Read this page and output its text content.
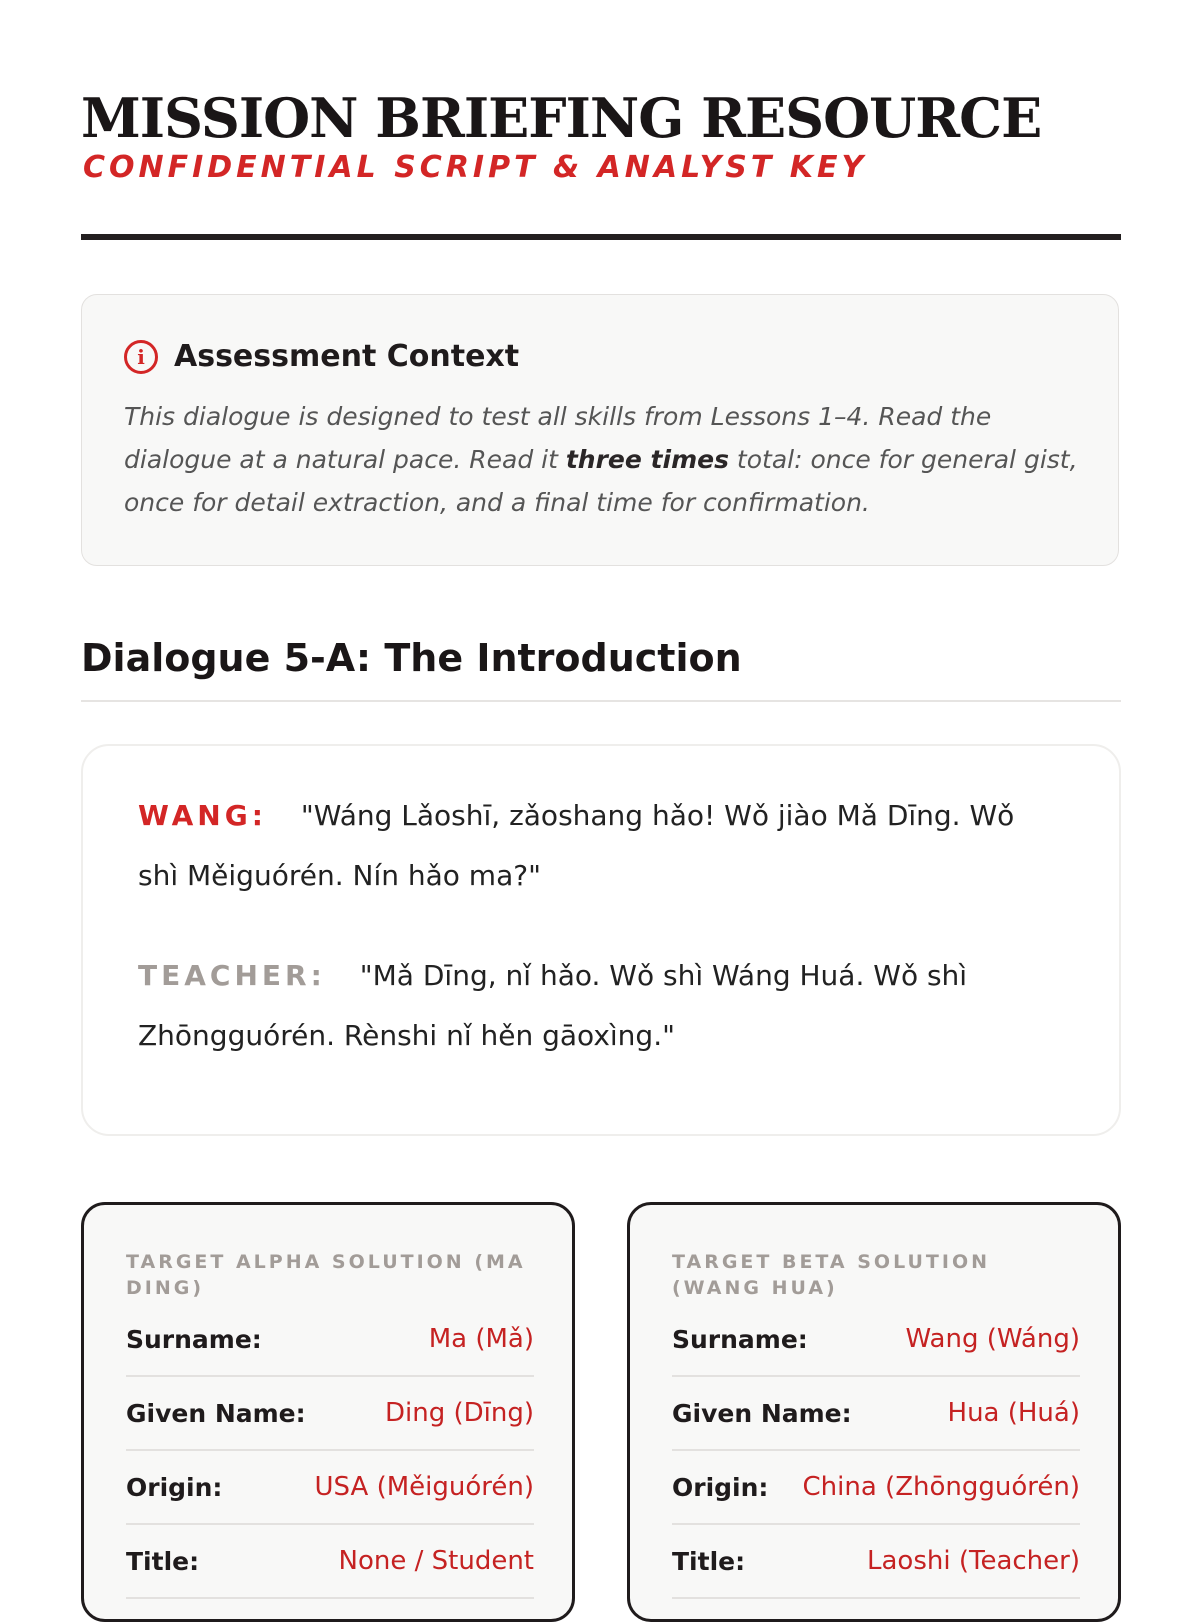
MISSION BRIEFING RESOURCE
CONFIDENTIAL SCRIPT & ANALYST KEY
i Assessment Context
This dialogue is designed to test all skills from Lessons 1–4. Read the dialogue at a natural pace. Read it three times total: once for general gist, once for detail extraction, and a final time for confirmation.
Dialogue 5-A: The Introduction
WANG: "Wáng Lǎoshī, zǎoshang hǎo! Wǒ jiào Mǎ Dīng. Wǒ shì Měiguórén. Nín hǎo ma?"
TEACHER: "Mǎ Dīng, nǐ hǎo. Wǒ shì Wáng Huá. Wǒ shì Zhōngguórén. Rènshi nǐ hěn gāoxìng."
TARGET ALPHA SOLUTION (MA DING)
Surname:	Ma (Mǎ)
Given Name:	Ding (Dīng)
Origin:	USA (Měiguórén)
Title:	None / Student
TARGET BETA SOLUTION (WANG HUA)
Surname:	Wang (Wáng)
Given Name:	Hua (Huá)
Origin: China (Zhōngguórén)
Title:	Laoshi (Teacher)
